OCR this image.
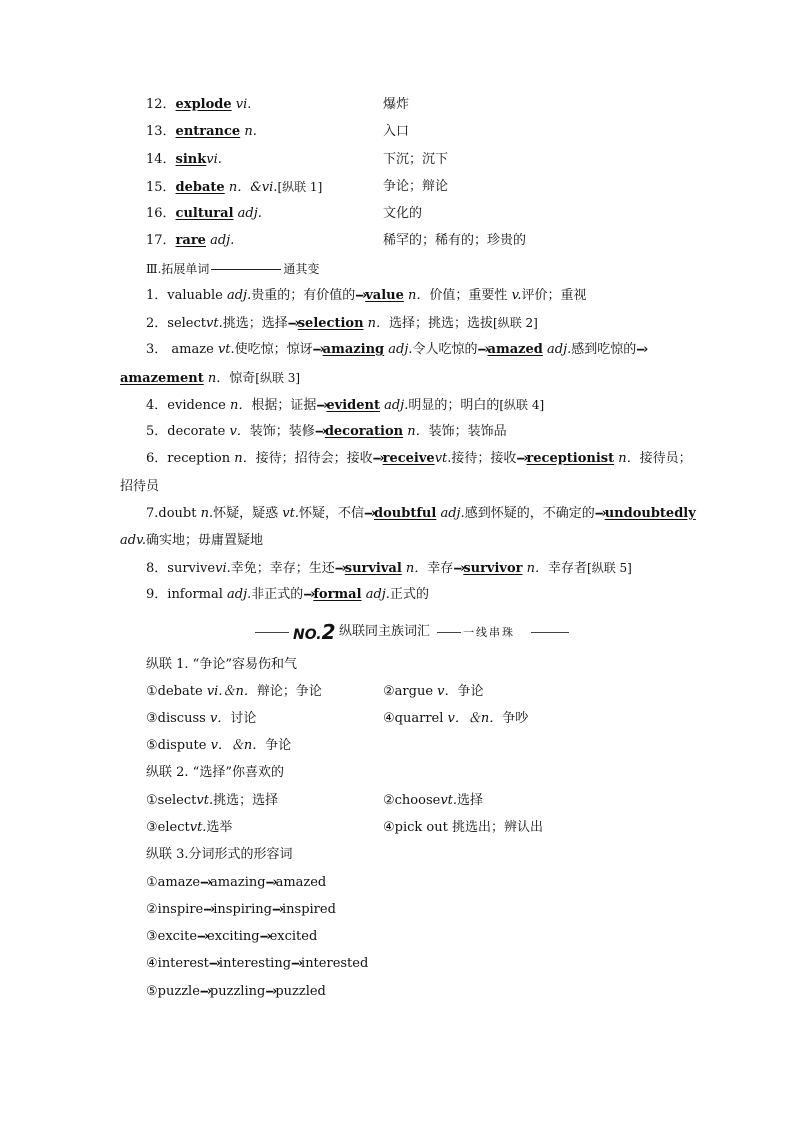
12．explode vi.	爆炸
13．entrance n.	入口
14．sinkvi.	下沉；沉下
15．debate n．&vi.[纵联 1]	争论；辩论
16．cultural adj.	文化的
17．rare adj.	稀罕的；稀有的；珍贵的
Ⅲ.拓展单词	通其变
1．valuable adj.贵重的；有价值的--›value n．价值；重要性 v.评价；重视
2．selectvt.挑选；选择--›selection n．选择；挑选；选拔[纵联 2]
3． amaze vt.使吃惊；惊讶--›amazing adj.令人吃惊的--›amazed adj.感到吃惊的--›
amazement n．惊奇[纵联 3]
4．evidence n．根据；证据--›evident adj.明显的；明白的[纵联 4]
5．decorate v．装饰；装修--›decoration n．装饰；装饰品
6．reception n．接待；招待会；接收--›receivevt.接待；接收--›receptionist n．接待员；
招待员
7.doubt n.怀疑，疑惑 vt.怀疑，不信--›doubtful adj.感到怀疑的，不确定的--›undoubtedly
adv.确实地；毋庸置疑地
8．survivevi.幸免；幸存；生还--›survival n．幸存--›survivor n．幸存者[纵联 5]
9．informal adj.非正式的--›formal adj.正式的
NO.2 纵联同主族词汇	一线串珠
纵联 1. “争论”容易伤和气
①debate vi.＆n．辩论；争论	②argue v．争论
③discuss v．讨论	④quarrel v．＆n．争吵
⑤dispute v．＆n．争论
纵联 2. “选择”你喜欢的
①selectvt.挑选；选择	②choosevt.选择
③electvt.选举	④pick out 挑选出；辨认出
纵联 3.分词形式的形容词
①amaze--›amazing--›amazed
②inspire--›inspiring--›inspired
③excite--›exciting--›excited
④interest--›interesting--›interested
⑤puzzle--›puzzling--›puzzled
